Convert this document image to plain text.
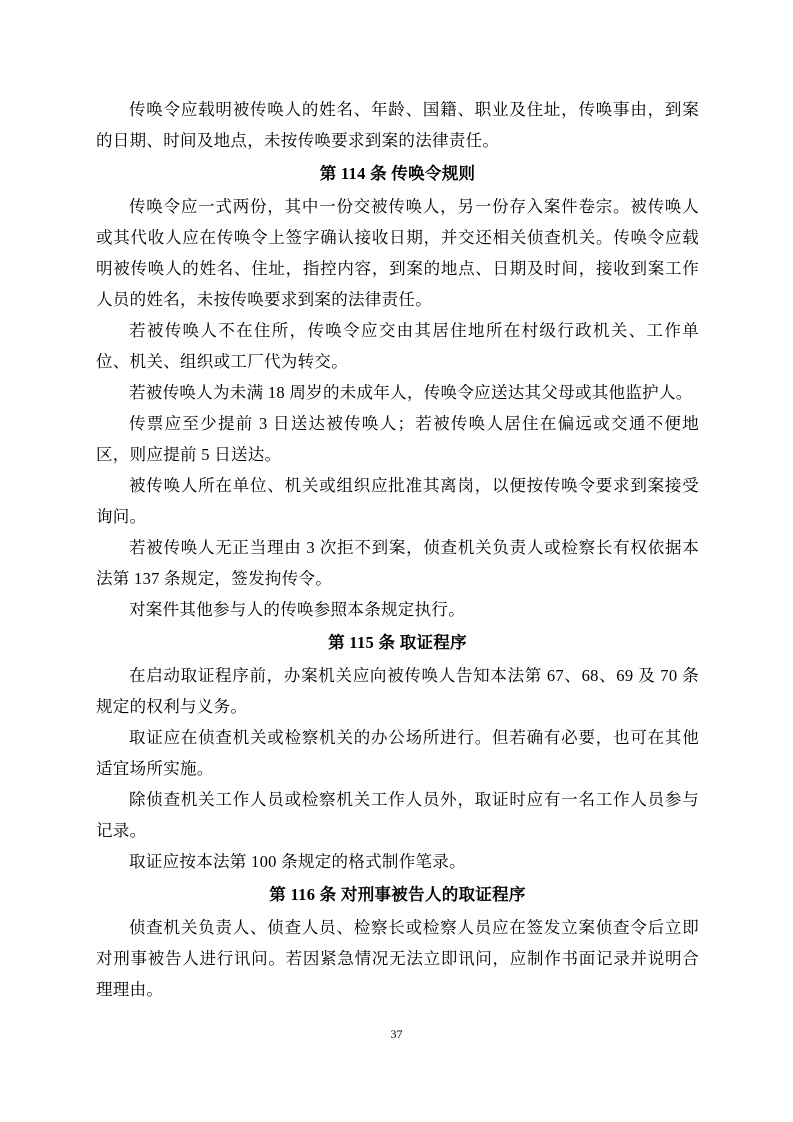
传唤令应载明被传唤人的姓名、年龄、国籍、职业及住址，传唤事由，到案的日期、时间及地点，未按传唤要求到案的法律责任。

第 114 条 传唤令规则

传唤令应一式两份，其中一份交被传唤人，另一份存入案件卷宗。被传唤人或其代收人应在传唤令上签字确认接收日期，并交还相关侦查机关。传唤令应载明被传唤人的姓名、住址，指控内容，到案的地点、日期及时间，接收到案工作人员的姓名，未按传唤要求到案的法律责任。

若被传唤人不在住所，传唤令应交由其居住地所在村级行政机关、工作单位、机关、组织或工厂代为转交。

若被传唤人为未满 18 周岁的未成年人，传唤令应送达其父母或其他监护人。

传票应至少提前 3 日送达被传唤人；若被传唤人居住在偏远或交通不便地区，则应提前 5 日送达。

被传唤人所在单位、机关或组织应批准其离岗，以便按传唤令要求到案接受询问。

若被传唤人无正当理由 3 次拒不到案，侦查机关负责人或检察长有权依据本法第 137 条规定，签发拘传令。

对案件其他参与人的传唤参照本条规定执行。

第 115 条 取证程序

在启动取证程序前，办案机关应向被传唤人告知本法第 67、68、69 及 70 条规定的权利与义务。

取证应在侦查机关或检察机关的办公场所进行。但若确有必要，也可在其他适宜场所实施。

除侦查机关工作人员或检察机关工作人员外，取证时应有一名工作人员参与记录。

取证应按本法第 100 条规定的格式制作笔录。

第 116 条 对刑事被告人的取证程序

侦查机关负责人、侦查人员、检察长或检察人员应在签发立案侦查令后立即对刑事被告人进行讯问。若因紧急情况无法立即讯问，应制作书面记录并说明合理理由。

37
